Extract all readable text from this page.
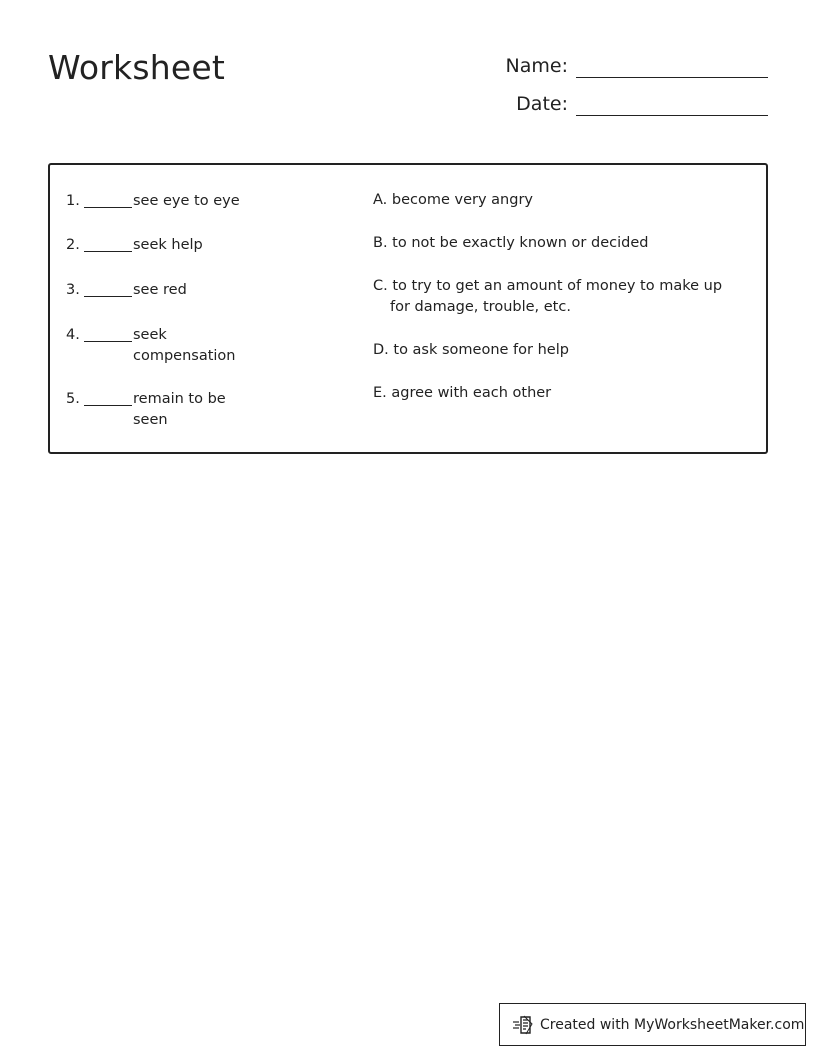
Worksheet	Name:
Date:
1.	see eye to eye
2.	seek help
3.	see red
4.	seek compensation
5.	remain to be seen
A. become very angry
B. to not be exactly known or decided
C. to try to get an amount of money to make up for damage, trouble, etc.
D. to ask someone for help
E. agree with each other
Created with MyWorksheetMaker.com
